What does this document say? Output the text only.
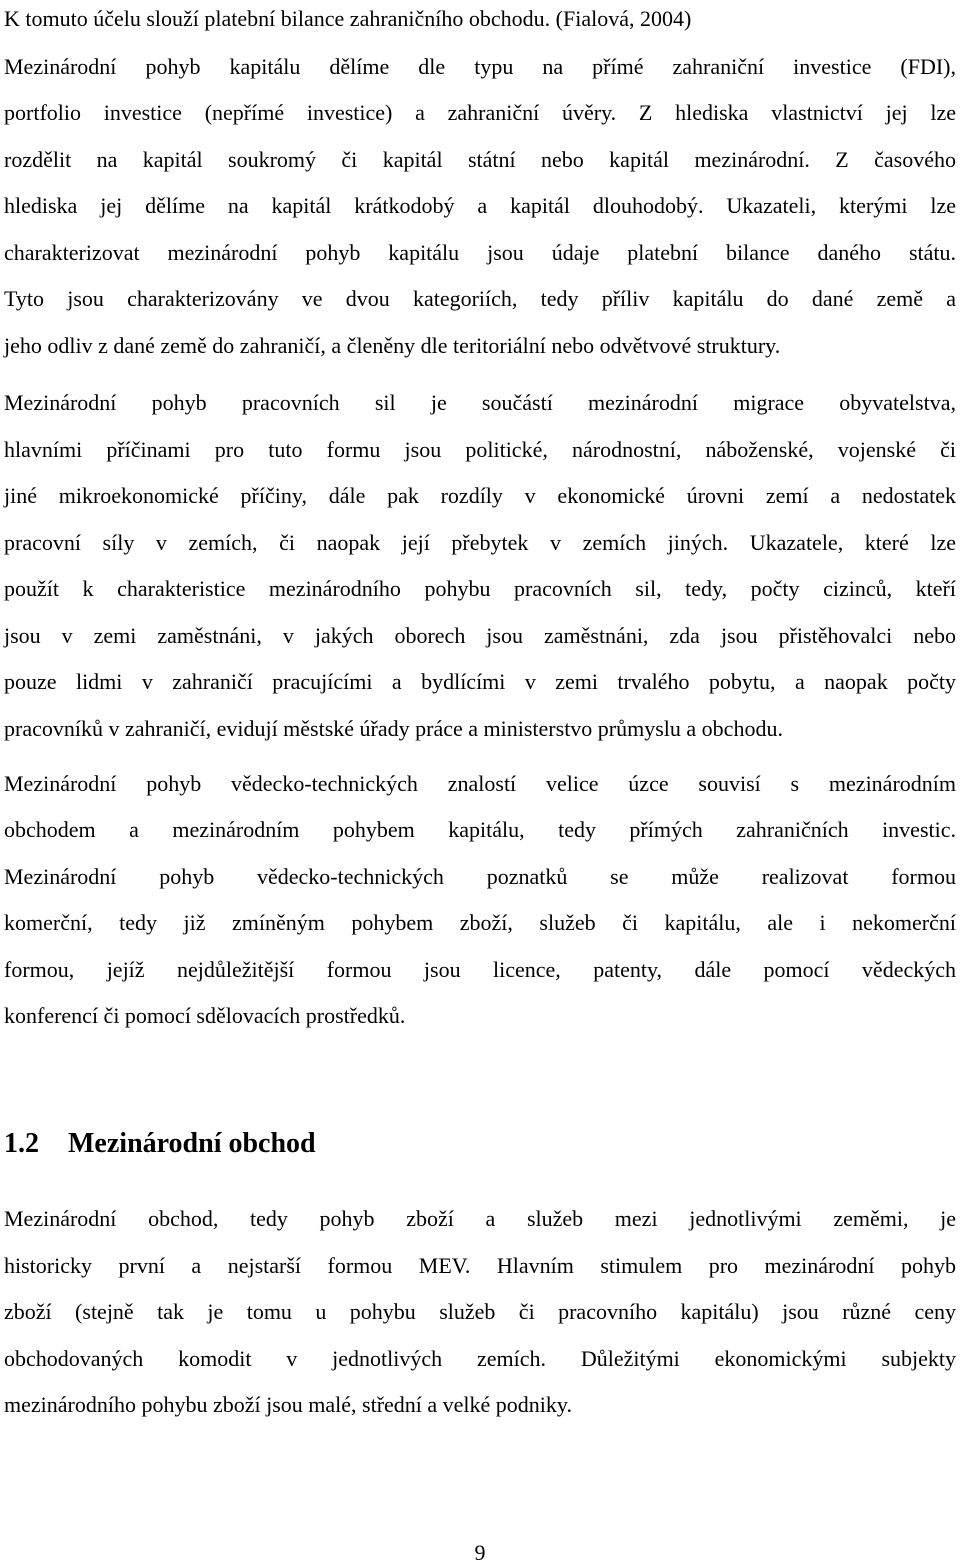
K tomuto účelu slouží platební bilance zahraničního obchodu. (Fialová, 2004)
Mezinárodní pohyb kapitálu dělíme dle typu na přímé zahraniční investice (FDI),
portfolio investice (nepřímé investice) a zahraniční úvěry. Z hlediska vlastnictví jej lze
rozdělit na kapitál soukromý či kapitál státní nebo kapitál mezinárodní. Z časového
hlediska jej dělíme na kapitál krátkodobý a kapitál dlouhodobý. Ukazateli, kterými lze
charakterizovat mezinárodní pohyb kapitálu jsou údaje platební bilance daného státu.
Tyto jsou charakterizovány ve dvou kategoriích, tedy příliv kapitálu do dané země a
jeho odliv z dané země do zahraničí, a členěny dle teritoriální nebo odvětvové struktury.
Mezinárodní pohyb pracovních sil je součástí mezinárodní migrace obyvatelstva,
hlavními příčinami pro tuto formu jsou politické, národnostní, náboženské, vojenské či
jiné mikroekonomické příčiny, dále pak rozdíly v ekonomické úrovni zemí a nedostatek
pracovní síly v zemích, či naopak její přebytek v zemích jiných. Ukazatele, které lze
použít k charakteristice mezinárodního pohybu pracovních sil, tedy, počty cizinců, kteří
jsou v zemi zaměstnáni, v jakých oborech jsou zaměstnáni, zda jsou přistěhovalci nebo
pouze lidmi v zahraničí pracujícími a bydlícími v zemi trvalého pobytu, a naopak počty
pracovníků v zahraničí, evidují městské úřady práce a ministerstvo průmyslu a obchodu.
Mezinárodní pohyb vědecko-technických znalostí velice úzce souvisí s mezinárodním
obchodem a mezinárodním pohybem kapitálu, tedy přímých zahraničních investic.
Mezinárodní pohyb vědecko-technických poznatků se může realizovat formou
komerční, tedy již zmíněným pohybem zboží, služeb či kapitálu, ale i nekomerční
formou, jejíž nejdůležitější formou jsou licence, patenty, dále pomocí vědeckých
konferencí či pomocí sdělovacích prostředků.
1.2 Mezinárodní obchod
Mezinárodní obchod, tedy pohyb zboží a služeb mezi jednotlivými zeměmi, je
historicky první a nejstarší formou MEV. Hlavním stimulem pro mezinárodní pohyb
zboží (stejně tak je tomu u pohybu služeb či pracovního kapitálu) jsou různé ceny
obchodovaných komodit v jednotlivých zemích. Důležitými ekonomickými subjekty
mezinárodního pohybu zboží jsou malé, střední a velké podniky.
9
